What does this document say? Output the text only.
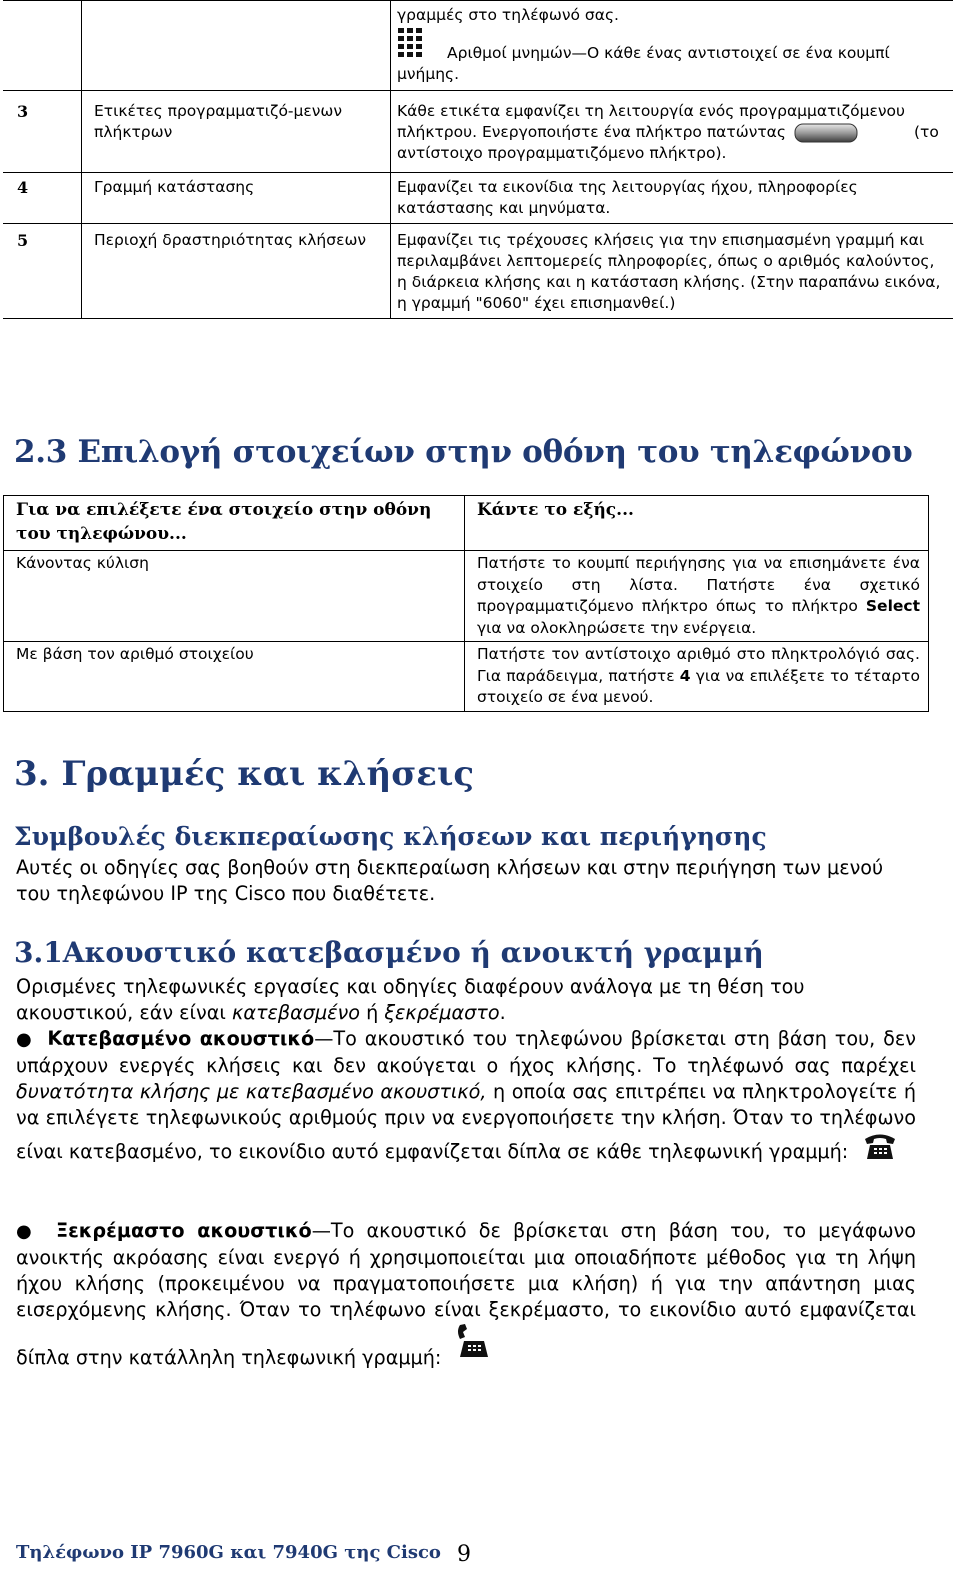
		γραμμές στο τηλέφωνό σας.
Αριθμοί μνημών—Ο κάθε ένας αντιστοιχεί σε ένα κουμπί μνήμης.

3	Ετικέτες προγραμματιζό-μενων πλήκτρων	Κάθε ετικέτα εμφανίζει τη λειτουργία ενός προγραμματιζόμενου πλήκτρου. Ενεργοποιήστε ένα πλήκτρο πατώντας (το αντίστοιχο προγραμματιζόμενο πλήκτρο).
4	Γραμμή κατάστασης	Εμφανίζει τα εικονίδια της λειτουργίας ήχου, πληροφορίες κατάστασης και μηνύματα.
5	Περιοχή δραστηριότητας κλήσεων	Εμφανίζει τις τρέχουσες κλήσεις για την επισημασμένη γραμμή και περιλαμβάνει λεπτομερείς πληροφορίες, όπως ο αριθμός καλούντος, η διάρκεια κλήσης και η κατάσταση κλήσης. (Στην παραπάνω εικόνα, η γραμμή "6060" έχει επισημανθεί.)
2.3 Επιλογή στοιχείων στην οθόνη του τηλεφώνου
Για να επιλέξετε ένα στοιχείο στην οθόνη του τηλεφώνου...	Κάντε το εξής...
Κάνοντας κύλιση	Πατήστε το κουμπί περιήγησης για να επισημάνετε ένα στοιχείο στη λίστα. Πατήστε ένα σχετικό προγραμματιζόμενο πλήκτρο όπως το πλήκτρο Select για να ολοκληρώσετε την ενέργεια.
Με βάση τον αριθμό στοιχείου	Πατήστε τον αντίστοιχο αριθμό στο πληκτρολόγιό σας. Για παράδειγμα, πατήστε 4 για να επιλέξετε το τέταρτο στοιχείο σε ένα μενού.
3. Γραμμές και κλήσεις
Συμβουλές διεκπεραίωσης κλήσεων και περιήγησης
Αυτές οι οδηγίες σας βοηθούν στη διεκπεραίωση κλήσεων και στην περιήγηση των μενού του τηλεφώνου IP της Cisco που διαθέτετε.
3.1Ακουστικό κατεβασμένο ή ανοικτή γραμμή
Ορισμένες τηλεφωνικές εργασίες και οδηγίες διαφέρουν ανάλογα με τη θέση του ακουστικού, εάν είναι κατεβασμένο ή ξεκρέμαστο.
● Κατεβασμένο ακουστικό—Το ακουστικό του τηλεφώνου βρίσκεται στη βάση του, δεν υπάρχουν ενεργές κλήσεις και δεν ακούγεται ο ήχος κλήσης. Το τηλέφωνό σας παρέχει δυνατότητα κλήσης με κατεβασμένο ακουστικό, η οποία σας επιτρέπει να πληκτρολογείτε ή να επιλέγετε τηλεφωνικούς αριθμούς πριν να ενεργοποιήσετε την κλήση. Όταν το τηλέφωνο είναι κατεβασμένο, το εικονίδιο αυτό εμφανίζεται δίπλα σε κάθε τηλεφωνική γραμμή:
● Ξεκρέμαστο ακουστικό—Το ακουστικό δε βρίσκεται στη βάση του, το μεγάφωνο ανοικτής ακρόασης είναι ενεργό ή χρησιμοποιείται μια οποιαδήποτε μέθοδος για τη λήψη ήχου κλήσης (προκειμένου να πραγματοποιήσετε μια κλήση) ή για την απάντηση μιας εισερχόμενης κλήσης. Όταν το τηλέφωνο είναι ξεκρέμαστο, το εικονίδιο αυτό εμφανίζεται δίπλα στην κατάλληλη τηλεφωνική γραμμή:
Τηλέφωνο IP 7960G και 7940G της Cisco 9
